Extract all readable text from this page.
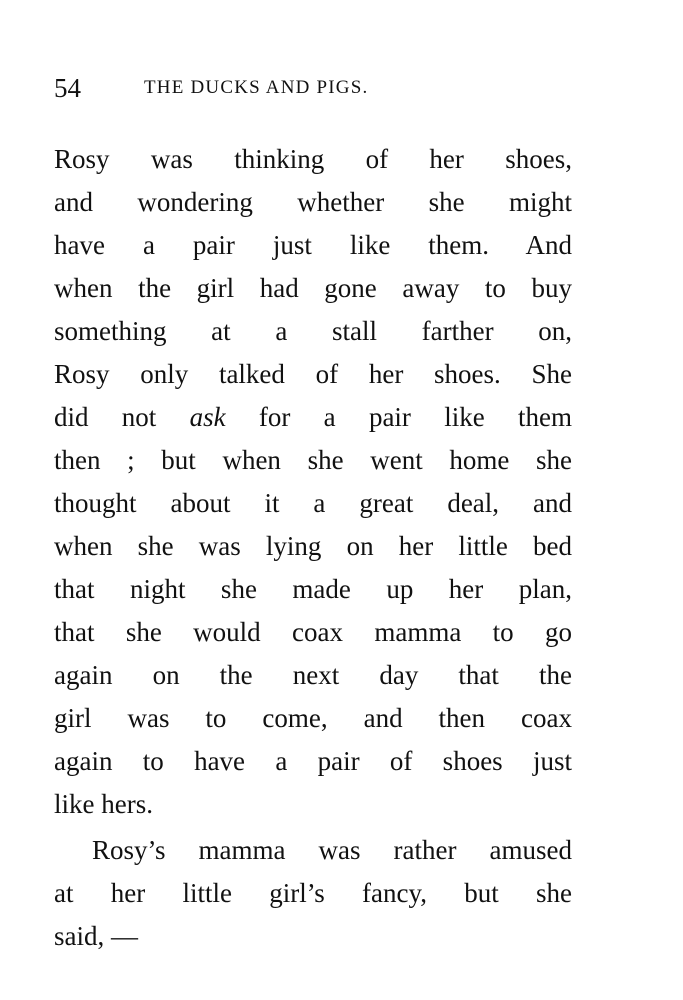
54	THE DUCKS AND PIGS.
Rosy was thinking of her shoes,
and wondering whether she might
have a pair just like them. And
when the girl had gone away to buy
something at a stall farther on,
Rosy only talked of her shoes. She
did not ask for a pair like them
then ; but when she went home she
thought about it a great deal, and
when she was lying on her little bed
that night she made up her plan,
that she would coax mamma to go
again on the next day that the
girl was to come, and then coax
again to have a pair of shoes just
like hers.
Rosy’s mamma was rather amused
at her little girl’s fancy, but she
said, —
